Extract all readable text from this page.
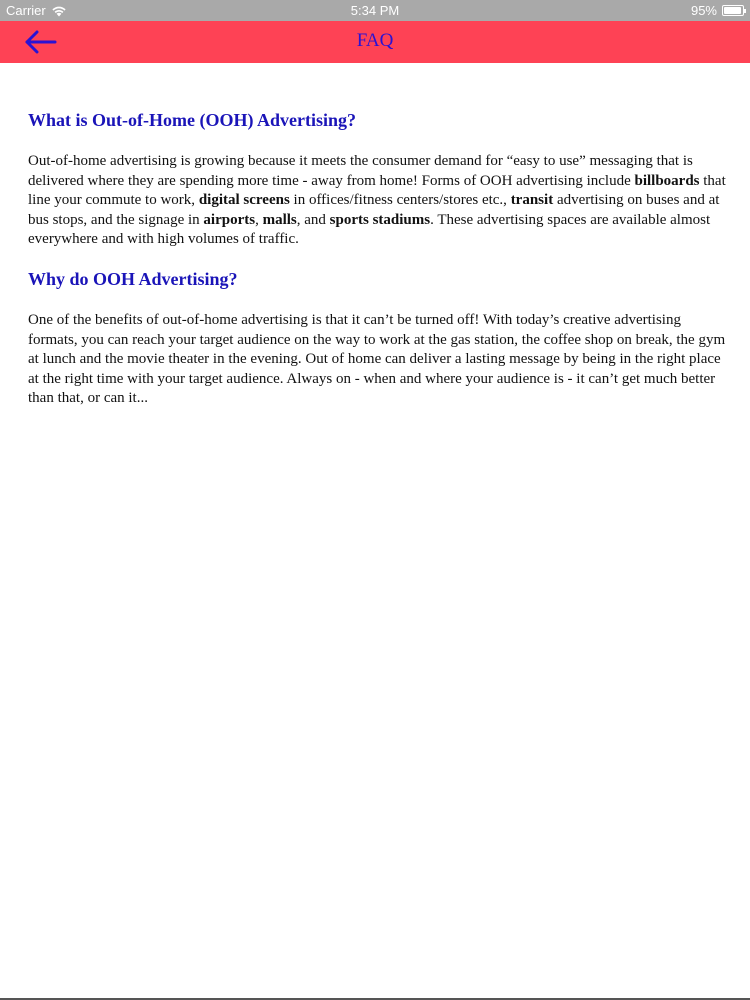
Carrier	5:34 PM	95%
FAQ
What is Out-of-Home (OOH) Advertising?

Out-of-home advertising is growing because it meets the consumer demand for “easy to use” messaging that is delivered where they are spending more time - away from home! Forms of OOH advertising include billboards that line your commute to work, digital screens in offices/fitness centers/stores etc., transit advertising on buses and at bus stops, and the signage in airports, malls, and sports stadiums. These advertising spaces are available almost everywhere and with high volumes of traffic.

Why do OOH Advertising?

One of the benefits of out-of-home advertising is that it can’t be turned off! With today’s creative advertising formats, you can reach your target audience on the way to work at the gas station, the coffee shop on break, the gym at lunch and the movie theater in the evening. Out of home can deliver a lasting message by being in the right place at the right time with your target audience. Always on - when and where your audience is - it can’t get much better than that, or can it...
